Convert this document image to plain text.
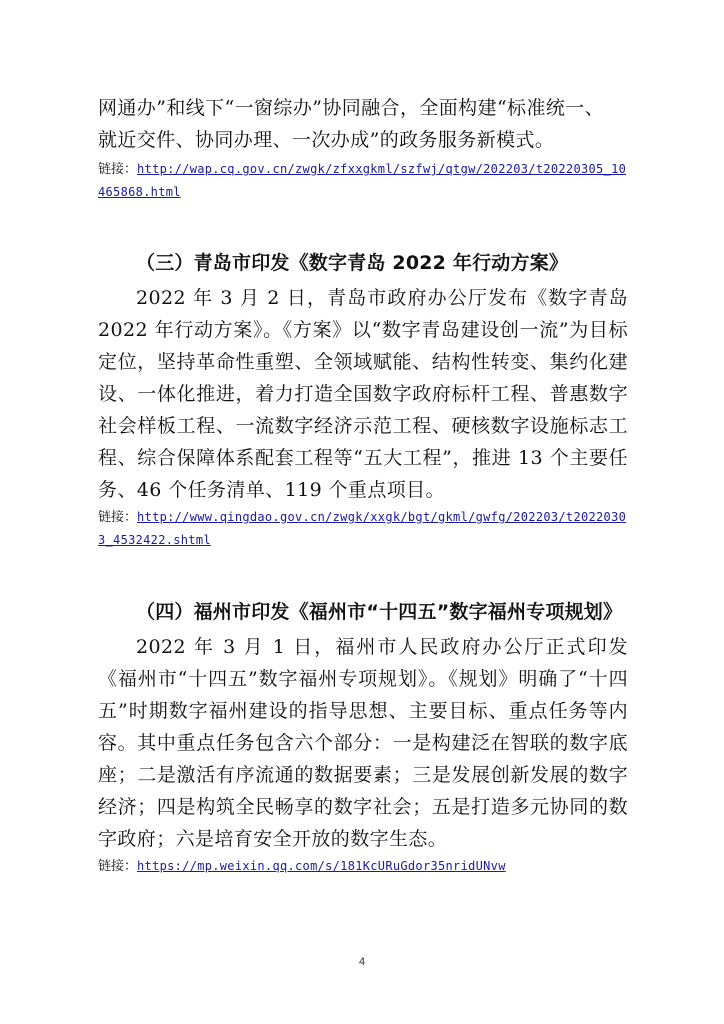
网通办”和线下“一窗综办”协同融合，全面构建“标准统一、

就近交件、协同办理、一次办成”的政务服务新模式。

链接：http://wap.cq.gov.cn/zwgk/zfxxgkml/szfwj/qtgw/202203/t20220305_10465868.html

（三）青岛市印发《数字青岛 2022 年行动方案》

2022 年 3 月 2 日，青岛市政府办公厅发布《数字青岛 2022 年行动方案》。《方案》以“数字青岛建设创一流”为目标定位，坚持革命性重塑、全领域赋能、结构性转变、集约化建设、一体化推进，着力打造全国数字政府标杆工程、普惠数字社会样板工程、一流数字经济示范工程、硬核数字设施标志工程、综合保障体系配套工程等“五大工程”，推进 13 个主要任务、46 个任务清单、119 个重点项目。

链接：http://www.qingdao.gov.cn/zwgk/xxgk/bgt/gkml/gwfg/202203/t20220303_4532422.shtml

（四）福州市印发《福州市“十四五”数字福州专项规划》

2022 年 3 月 1 日，福州市人民政府办公厅正式印发《福州市“十四五”数字福州专项规划》。《规划》明确了“十四五”时期数字福州建设的指导思想、主要目标、重点任务等内容。其中重点任务包含六个部分：一是构建泛在智联的数字底座；二是激活有序流通的数据要素；三是发展创新发展的数字经济；四是构筑全民畅享的数字社会；五是打造多元协同的数字政府；六是培育安全开放的数字生态。

链接：https://mp.weixin.qq.com/s/181KcURuGdor35nridUNvw

4
